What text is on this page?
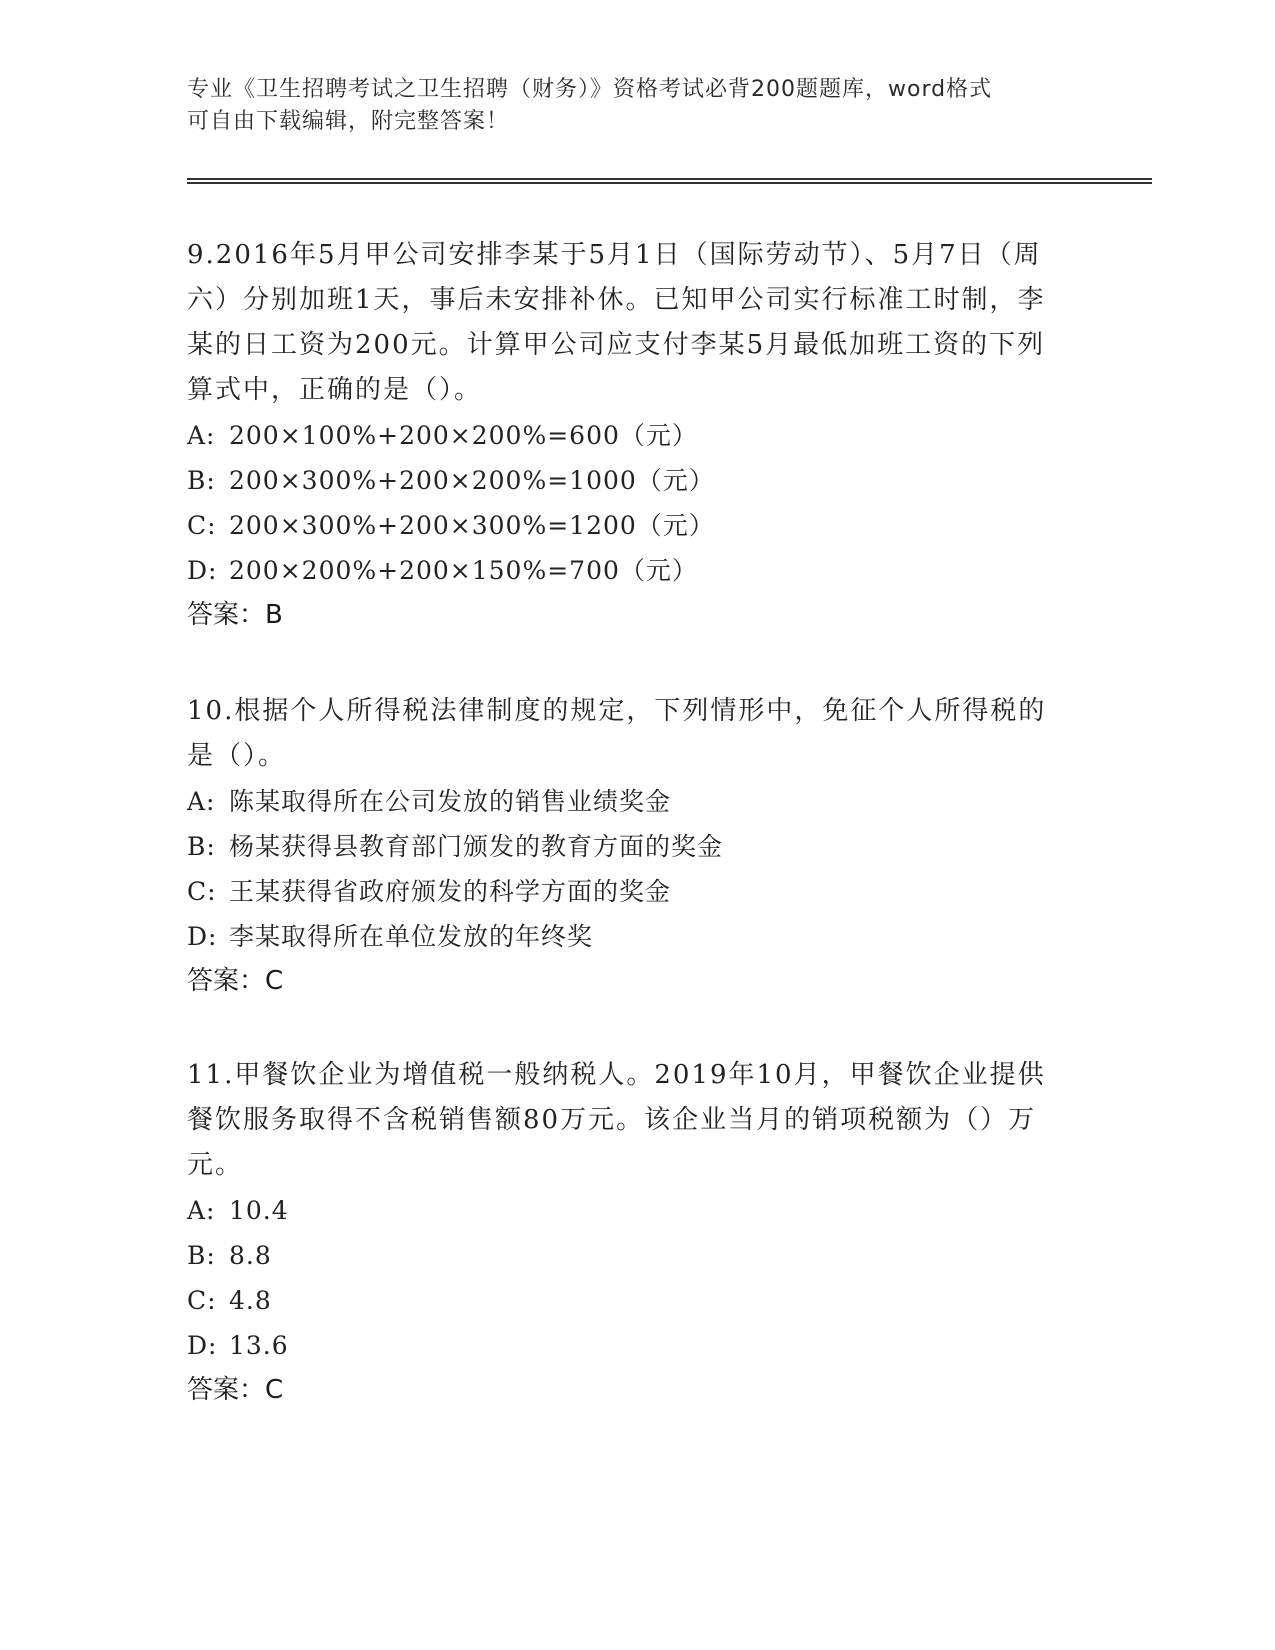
专业《卫生招聘考试之卫生招聘（财务）》资格考试必背200题题库，word格式
可自由下载编辑，附完整答案！

9.2016年5月甲公司安排李某于5月1日（国际劳动节）、5月7日（周六）分别加班1天，事后未安排补休。已知甲公司实行标准工时制，李某的日工资为200元。计算甲公司应支付李某5月最低加班工资的下列算式中，正确的是（）。

A: 200×100%+200×200%=600（元）

B: 200×300%+200×200%=1000（元）

C: 200×300%+200×300%=1200（元）

D: 200×200%+200×150%=700（元）

答案：B

10.根据个人所得税法律制度的规定，下列情形中，免征个人所得税的是（）。

A: 陈某取得所在公司发放的销售业绩奖金

B: 杨某获得县教育部门颁发的教育方面的奖金

C: 王某获得省政府颁发的科学方面的奖金

D: 李某取得所在单位发放的年终奖

答案：C

11.甲餐饮企业为增值税一般纳税人。2019年10月，甲餐饮企业提供餐饮服务取得不含税销售额80万元。该企业当月的销项税额为（）万元。

A: 10.4

B: 8.8

C: 4.8

D: 13.6

答案：C
